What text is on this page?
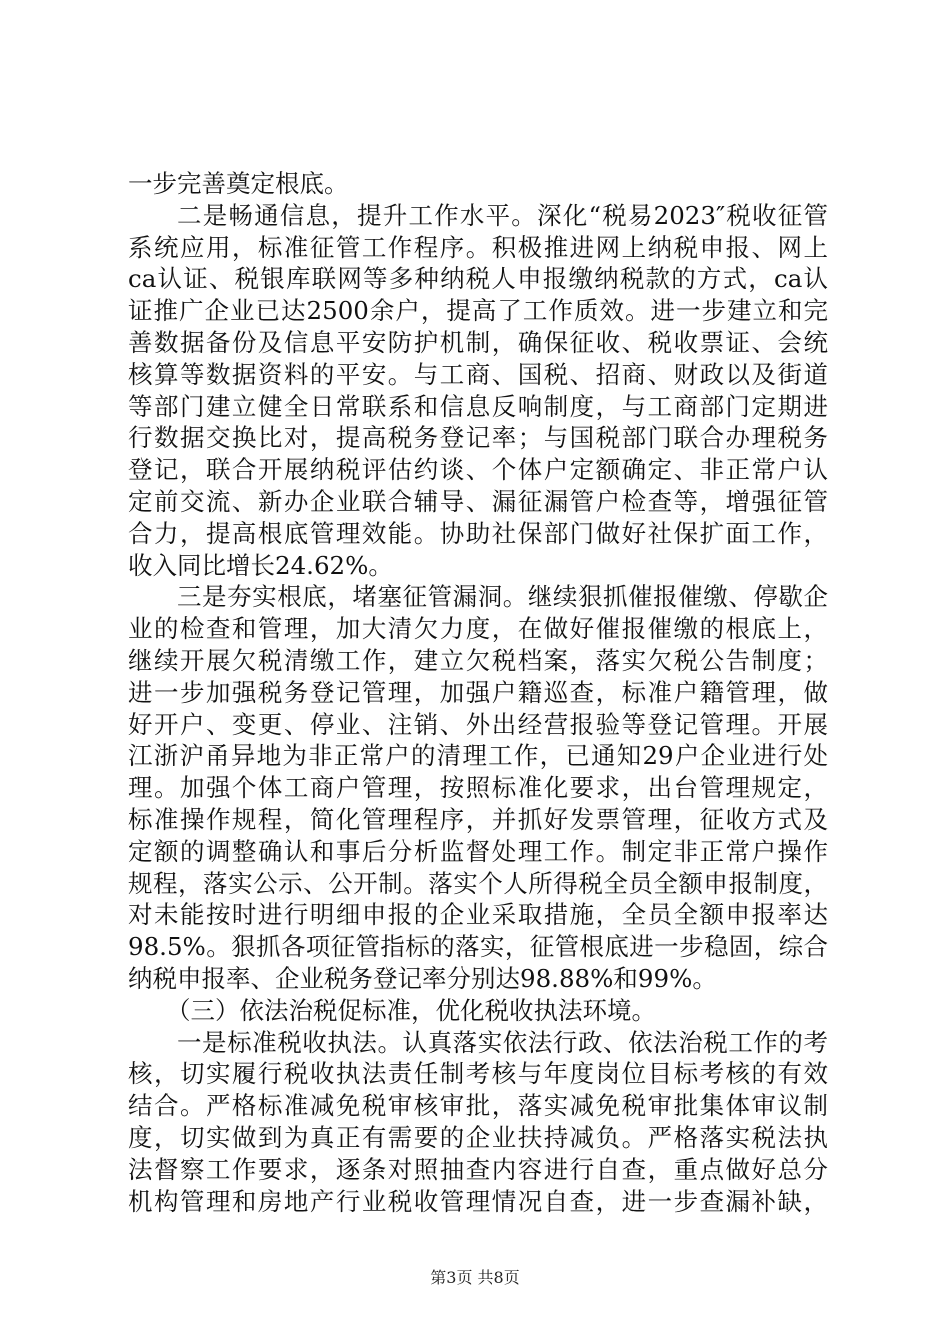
一步完善奠定根底。
二是畅通信息，提升工作水平。深化“税易2023″税收征管
系统应用，标准征管工作程序。积极推进网上纳税申报、网上
ca认证、税银库联网等多种纳税人申报缴纳税款的方式，ca认
证推广企业已达2500余户，提高了工作质效。进一步建立和完
善数据备份及信息平安防护机制，确保征收、税收票证、会统
核算等数据资料的平安。与工商、国税、招商、财政以及街道
等部门建立健全日常联系和信息反响制度，与工商部门定期进
行数据交换比对，提高税务登记率；与国税部门联合办理税务
登记，联合开展纳税评估约谈、个体户定额确定、非正常户认
定前交流、新办企业联合辅导、漏征漏管户检查等，增强征管
合力，提高根底管理效能。协助社保部门做好社保扩面工作，
收入同比增长24.62%。
三是夯实根底，堵塞征管漏洞。继续狠抓催报催缴、停歇企
业的检查和管理，加大清欠力度，在做好催报催缴的根底上，
继续开展欠税清缴工作，建立欠税档案，落实欠税公告制度；
进一步加强税务登记管理，加强户籍巡查，标准户籍管理，做
好开户、变更、停业、注销、外出经营报验等登记管理。开展
江浙沪甬异地为非正常户的清理工作，已通知29户企业进行处
理。加强个体工商户管理，按照标准化要求，出台管理规定，
标准操作规程，简化管理程序，并抓好发票管理，征收方式及
定额的调整确认和事后分析监督处理工作。制定非正常户操作
规程，落实公示、公开制。落实个人所得税全员全额申报制度，
对未能按时进行明细申报的企业采取措施，全员全额申报率达
98.5%。狠抓各项征管指标的落实，征管根底进一步稳固，综合
纳税申报率、企业税务登记率分别达98.88%和99%。
（三）依法治税促标准，优化税收执法环境。
一是标准税收执法。认真落实依法行政、依法治税工作的考
核，切实履行税收执法责任制考核与年度岗位目标考核的有效
结合。严格标准减免税审核审批，落实减免税审批集体审议制
度，切实做到为真正有需要的企业扶持减负。严格落实税法执
法督察工作要求，逐条对照抽查内容进行自查，重点做好总分
机构管理和房地产行业税收管理情况自查，进一步查漏补缺，
第3页 共8页
